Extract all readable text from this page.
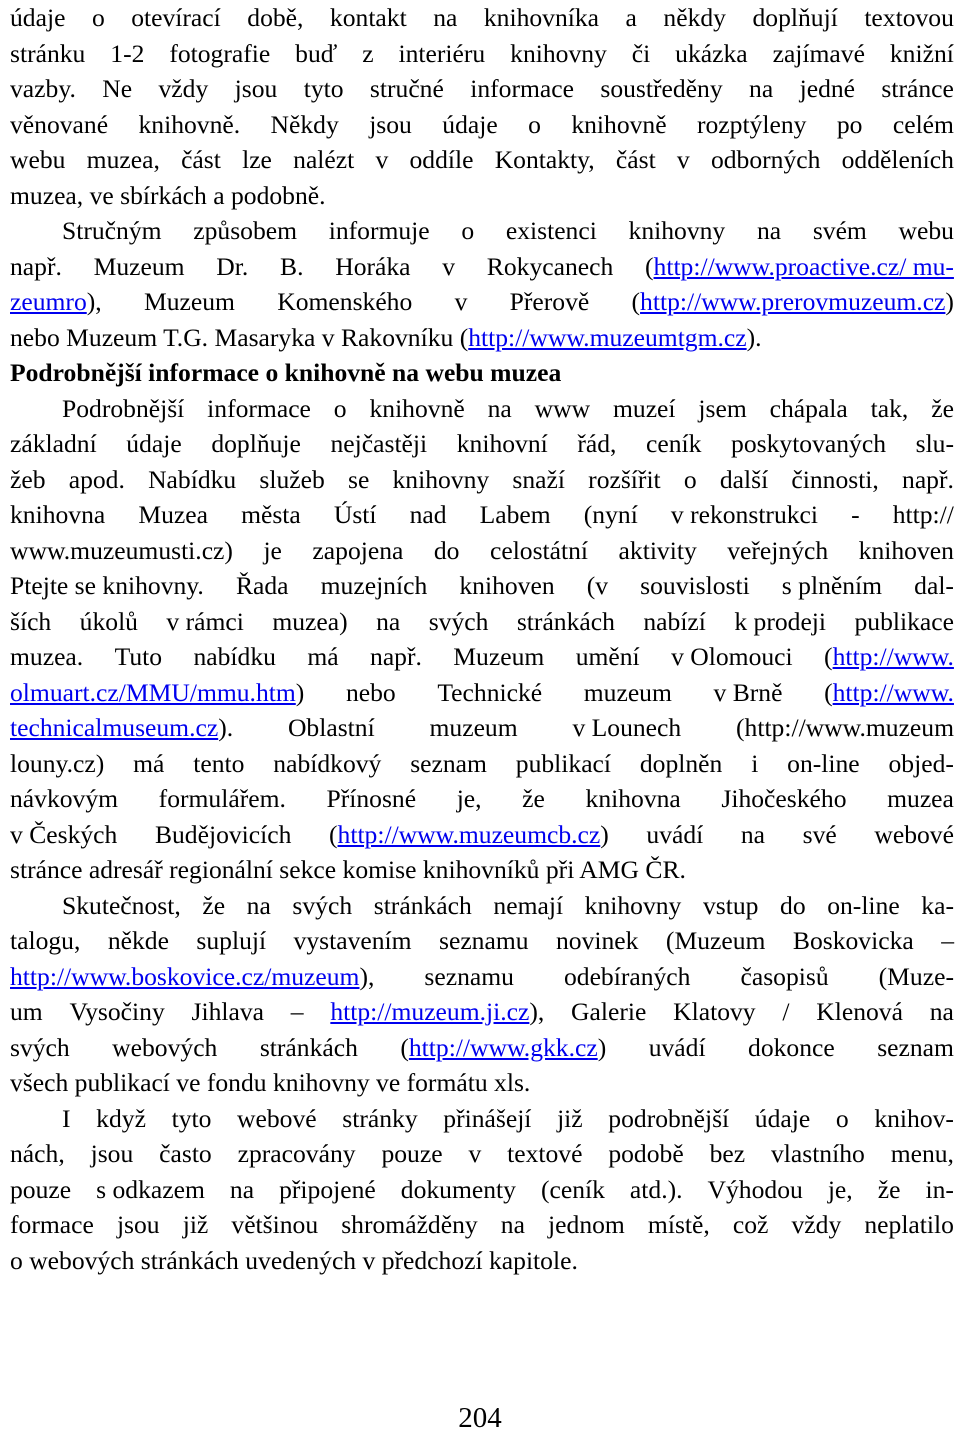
údaje o otevírací době, kontakt na knihovníka a někdy doplňují textovou
stránku 1-2 fotografie buď z interiéru knihovny či ukázka zajímavé knižní
vazby. Ne vždy jsou tyto stručné informace soustředěny na jedné stránce
věnované knihovně. Někdy jsou údaje o knihovně rozptýleny po celém
webu muzea, část lze nalézt v oddíle Kontakty, část v odborných odděleních
muzea, ve sbírkách a podobně.
Stručným způsobem informuje o existenci knihovny na svém webu
např. Muzeum Dr. B. Horáka v Rokycanech (http://www.proactive.cz/ mu-
zeumro), Muzeum Komenského v Přerově (http://www.prerovmuzeum.cz)
nebo Muzeum T.G. Masaryka v Rakovníku (http://www.muzeumtgm.cz).
Podrobnější informace o knihovně na webu muzea
Podrobnější informace o knihovně na www muzeí jsem chápala tak, že
základní údaje doplňuje nejčastěji knihovní řád, ceník poskytovaných slu-
žeb apod. Nabídku služeb se knihovny snaží rozšířit o další činnosti, např.
knihovna Muzea města Ústí nad Labem (nyní v rekonstrukci - http://
www.muzeumusti.cz) je zapojena do celostátní aktivity veřejných knihoven
Ptejte se knihovny. Řada muzejních knihoven (v souvislosti s plněním dal-
ších úkolů v rámci muzea) na svých stránkách nabízí k prodeji publikace
muzea. Tuto nabídku má např. Muzeum umění v Olomouci (http://www.
olmuart.cz/MMU/mmu.htm) nebo Technické muzeum v Brně (http://www.
technicalmuseum.cz). Oblastní muzeum v Lounech (http://www.muzeum
louny.cz) má tento nabídkový seznam publikací doplněn i on-line objed-
návkovým formulářem. Přínosné je, že knihovna Jihočeského muzea
v Českých Budějovicích (http://www.muzeumcb.cz) uvádí na své webové
stránce adresář regionální sekce komise knihovníků při AMG ČR.
Skutečnost, že na svých stránkách nemají knihovny vstup do on-line ka-
talogu, někde suplují vystavením seznamu novinek (Muzeum Boskovicka –
http://www.boskovice.cz/muzeum), seznamu odebíraných časopisů (Muze-
um Vysočiny Jihlava – http://muzeum.ji.cz), Galerie Klatovy / Klenová na
svých webových stránkách (http://www.gkk.cz) uvádí dokonce seznam
všech publikací ve fondu knihovny ve formátu xls.
I když tyto webové stránky přinášejí již podrobnější údaje o knihov-
nách, jsou často zpracovány pouze v textové podobě bez vlastního menu,
pouze s odkazem na připojené dokumenty (ceník atd.). Výhodou je, že in-
formace jsou již většinou shromážděny na jednom místě, což vždy neplatilo
o webových stránkách uvedených v předchozí kapitole.
204
